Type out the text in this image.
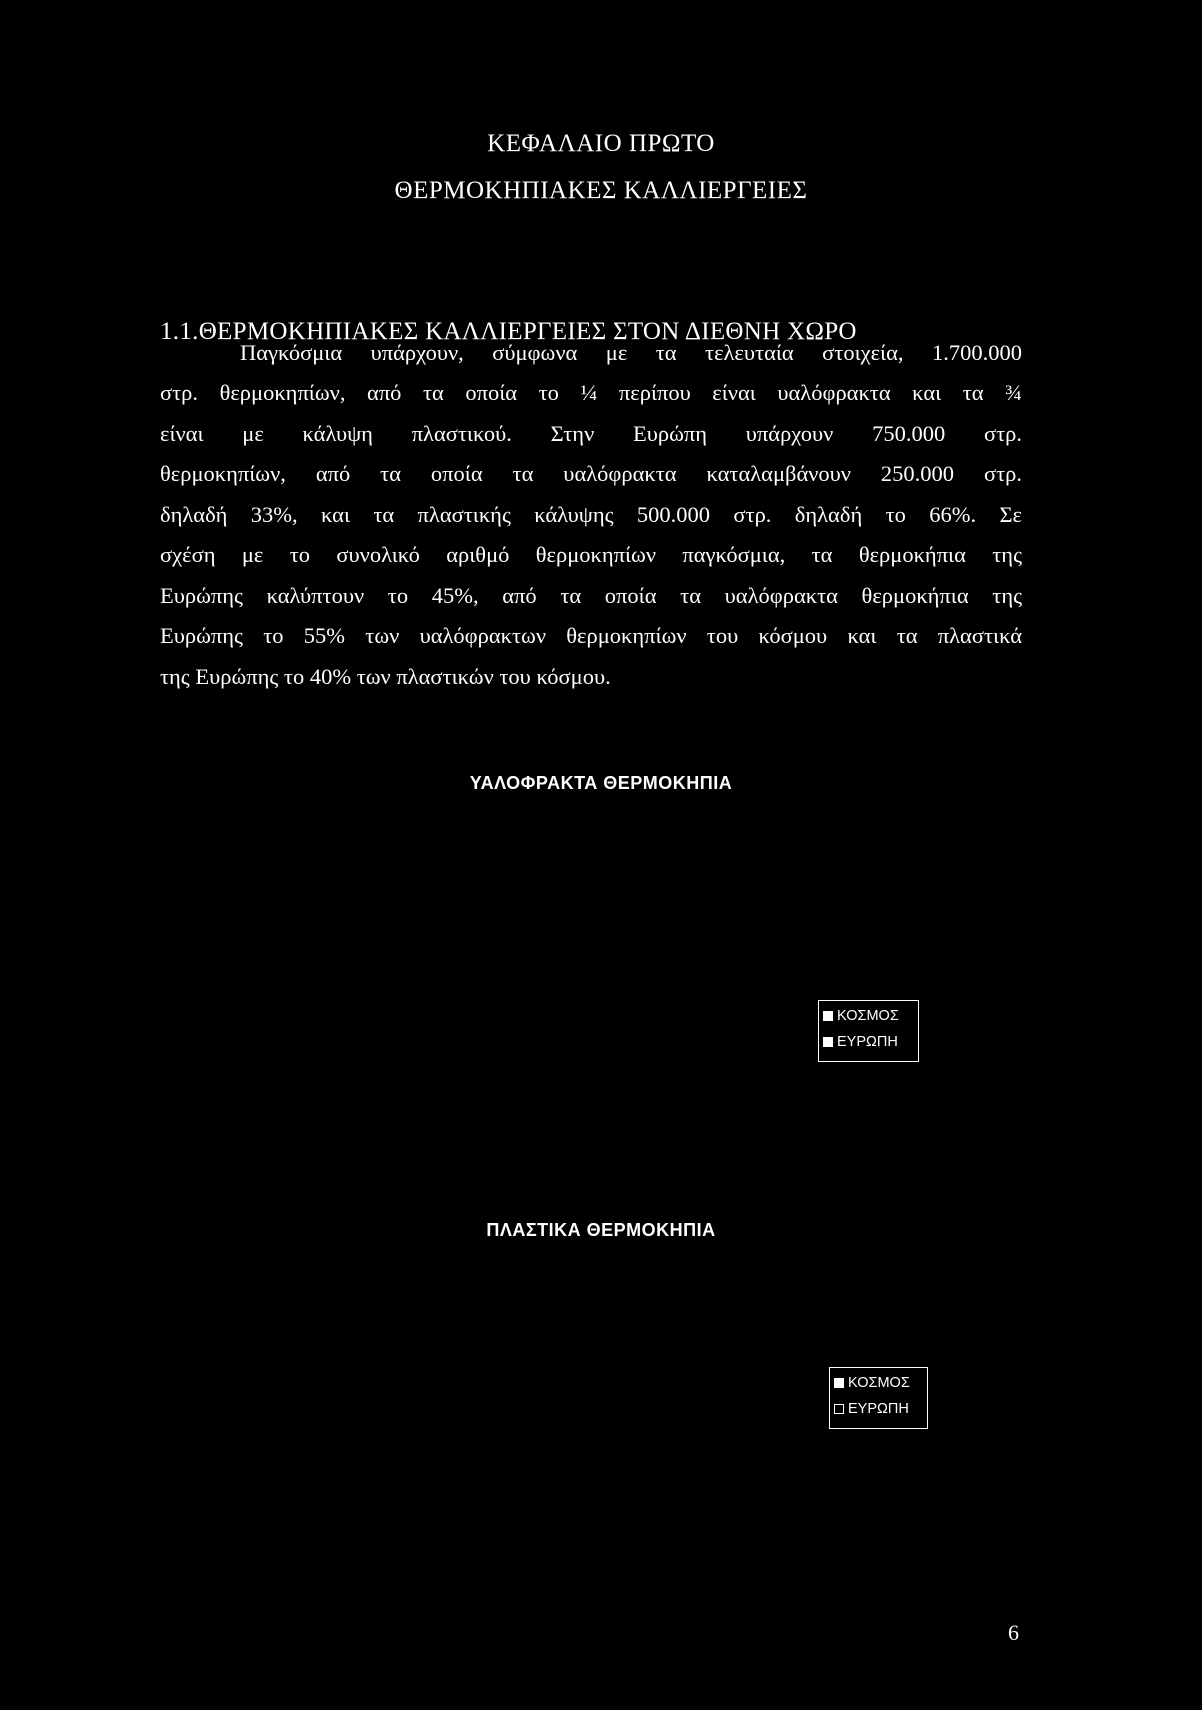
ΚΕΦΑΛΑΙΟ ΠΡΩΤΟ
ΘΕΡΜΟΚΗΠΙΑΚΕΣ ΚΑΛΛΙΕΡΓΕΙΕΣ
1.1.ΘΕΡΜΟΚΗΠΙΑΚΕΣ ΚΑΛΛΙΕΡΓΕΙΕΣ ΣΤΟΝ ΔΙΕΘΝΗ ΧΩΡΟ
Παγκόσμια υπάρχουν, σύμφωνα με τα τελευταία στοιχεία, 1.700.000
στρ. θερμοκηπίων, από τα οποία το ¼ περίπου είναι υαλόφρακτα και τα ¾
είναι με κάλυψη πλαστικού. Στην Ευρώπη υπάρχουν 750.000 στρ.
θερμοκηπίων, από τα οποία τα υαλόφρακτα καταλαμβάνουν 250.000 στρ.
δηλαδή 33%, και τα πλαστικής κάλυψης 500.000 στρ. δηλαδή το 66%. Σε
σχέση με το συνολικό αριθμό θερμοκηπίων παγκόσμια, τα θερμοκήπια της
Ευρώπης καλύπτουν το 45%, από τα οποία τα υαλόφρακτα θερμοκήπια της
Ευρώπης το 55% των υαλόφρακτων θερμοκηπίων του κόσμου και τα πλαστικά
της Ευρώπης το 40% των πλαστικών του κόσμου.
ΥΑΛΟΦΡΑΚΤΑ ΘΕΡΜΟΚΗΠΙΑ
ΚΟΣΜΟΣ
ΕΥΡΩΠΗ
ΠΛΑΣΤΙΚΑ ΘΕΡΜΟΚΗΠΙΑ
ΚΟΣΜΟΣ
ΕΥΡΩΠΗ
6
